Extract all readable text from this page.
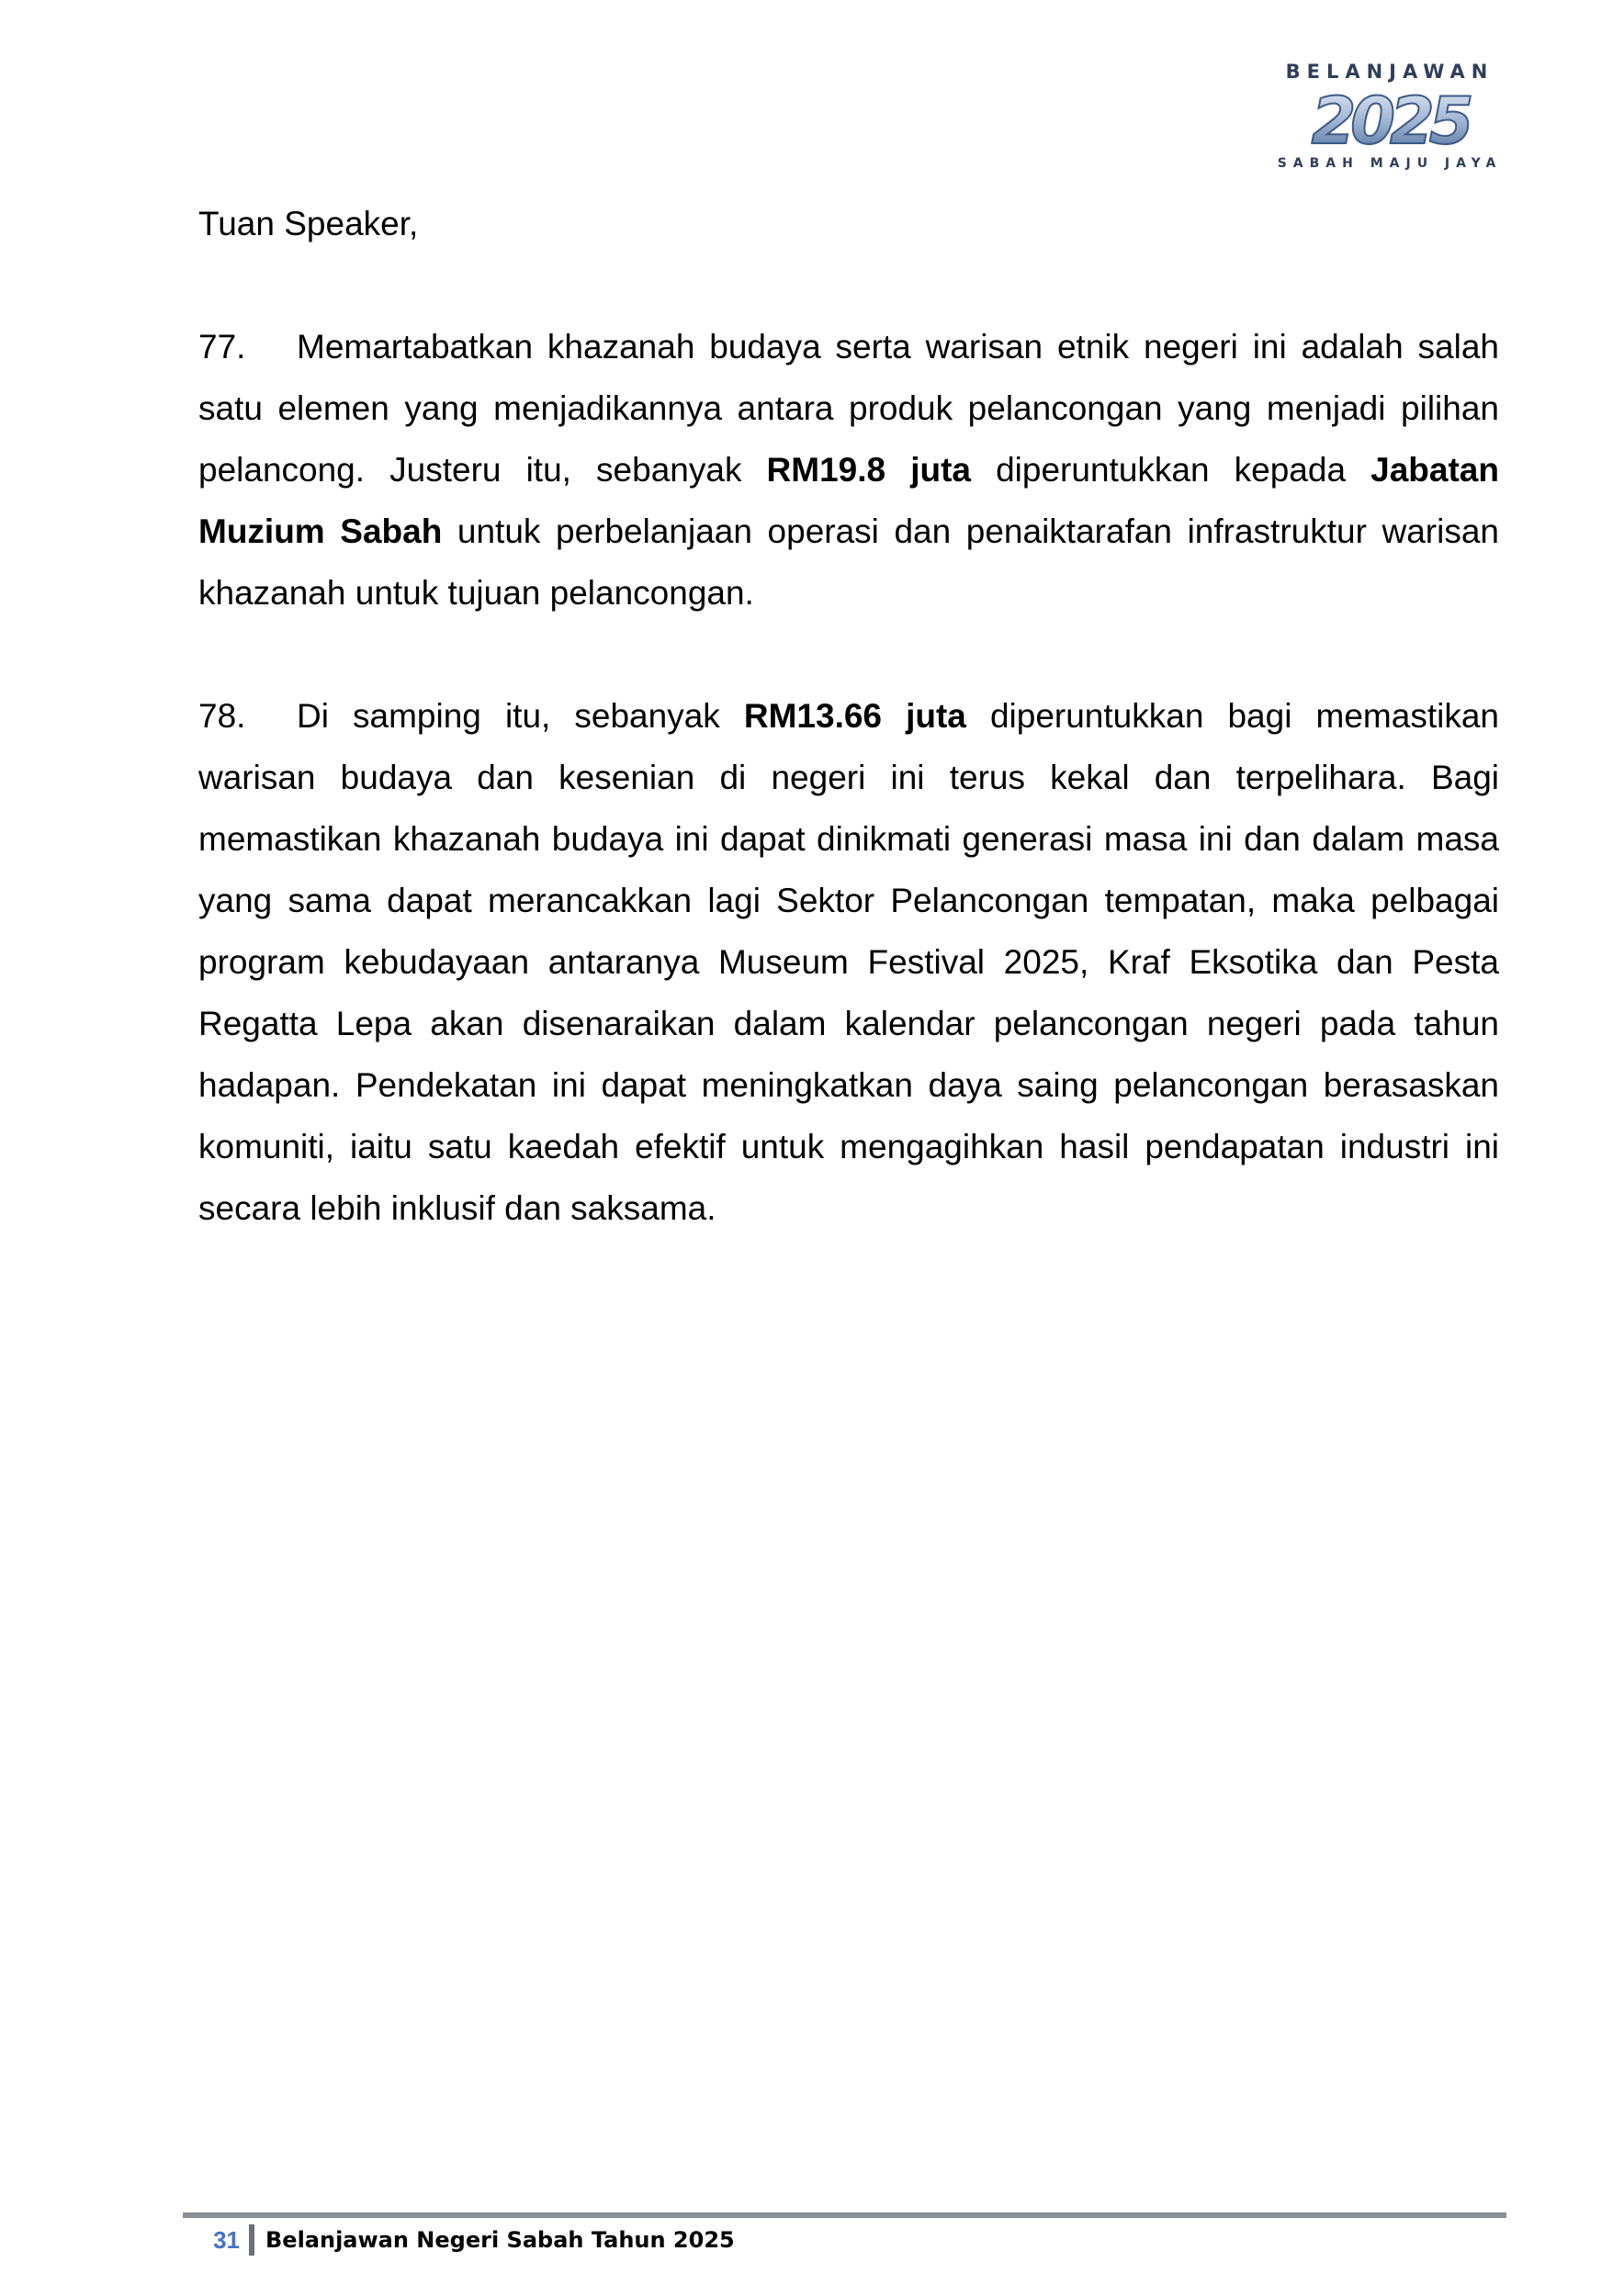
BELANJAWAN
2025
SABAH MAJU JAYA

Tuan Speaker,

77. Memartabatkan khazanah budaya serta warisan etnik negeri ini adalah salah satu elemen yang menjadikannya antara produk pelancongan yang menjadi pilihan pelancong. Justeru itu, sebanyak RM19.8 juta diperuntukkan kepada Jabatan Muzium Sabah untuk perbelanjaan operasi dan penaiktarafan infrastruktur warisan khazanah untuk tujuan pelancongan.

78. Di samping itu, sebanyak RM13.66 juta diperuntukkan bagi memastikan warisan budaya dan kesenian di negeri ini terus kekal dan terpelihara. Bagi memastikan khazanah budaya ini dapat dinikmati generasi masa ini dan dalam masa yang sama dapat merancakkan lagi Sektor Pelancongan tempatan, maka pelbagai program kebudayaan antaranya Museum Festival 2025, Kraf Eksotika dan Pesta Regatta Lepa akan disenaraikan dalam kalendar pelancongan negeri pada tahun hadapan. Pendekatan ini dapat meningkatkan daya saing pelancongan berasaskan komuniti, iaitu satu kaedah efektif untuk mengagihkan hasil pendapatan industri ini secara lebih inklusif dan saksama.

31 Belanjawan Negeri Sabah Tahun 2025
